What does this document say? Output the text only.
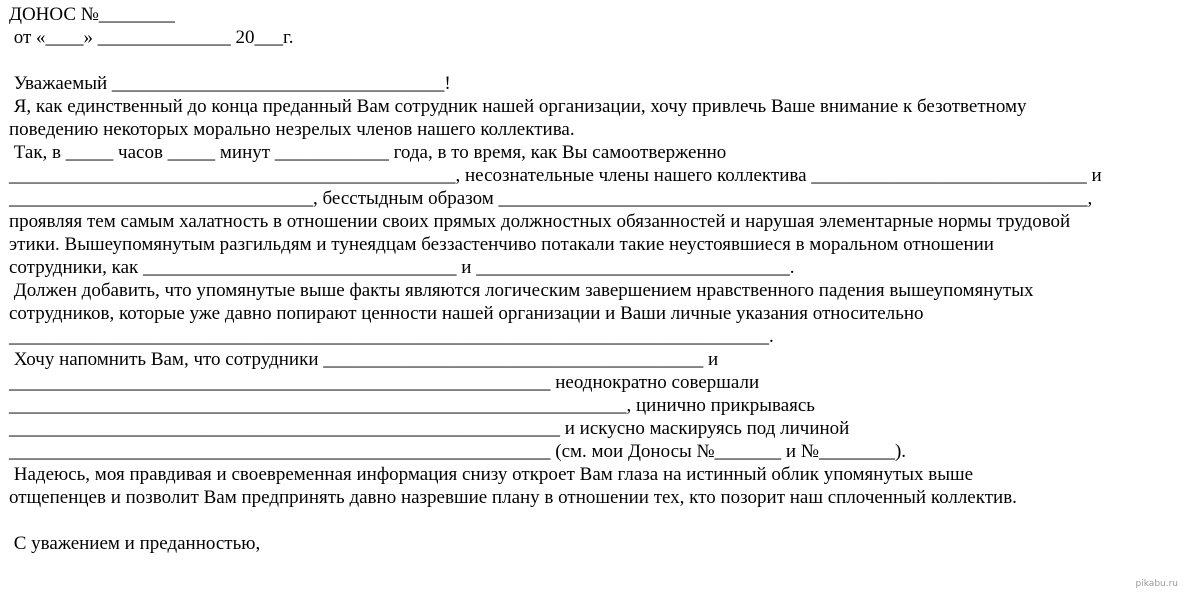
ДОНОС №________
от «____» ______________ 20___г.
Уважаемый ___________________________________!
Я, как единственный до конца преданный Вам сотрудник нашей организации, хочу привлечь Ваше внимание к безответному
поведению некоторых морально незрелых членов нашего коллектива.
Так, в _____ часов _____ минут ____________ года, в то время, как Вы самоотверженно
_______________________________________________, несознательные члены нашего коллектива _____________________________ и
________________________________, бесстыдным образом ______________________________________________________________,
проявляя тем самым халатность в отношении своих прямых должностных обязанностей и нарушая элементарные нормы трудовой
этики. Вышеупомянутым разгильдям и тунеядцам беззастенчиво потакали такие неустоявшиеся в моральном отношении
сотрудники, как _________________________________ и _________________________________.
Должен добавить, что упомянутые выше факты являются логическим завершением нравственного падения вышеупомянутых
сотрудников, которые уже давно попирают ценности нашей организации и Ваши личные указания относительно
________________________________________________________________________________.
Хочу напомнить Вам, что сотрудники ________________________________________ и
_________________________________________________________ неоднократно совершали
_________________________________________________________________, цинично прикрываясь
__________________________________________________________ и искусно маскируясь под личиной
_________________________________________________________ (см. мои Доносы №_______ и №________).
Надеюсь, моя правдивая и своевременная информация снизу откроет Вам глаза на истинный облик упомянутых выше
отщепенцев и позволит Вам предпринять давно назревшие плану в отношении тех, кто позорит наш сплоченный коллектив.
С уважением и преданностью,
pikabu.ru
